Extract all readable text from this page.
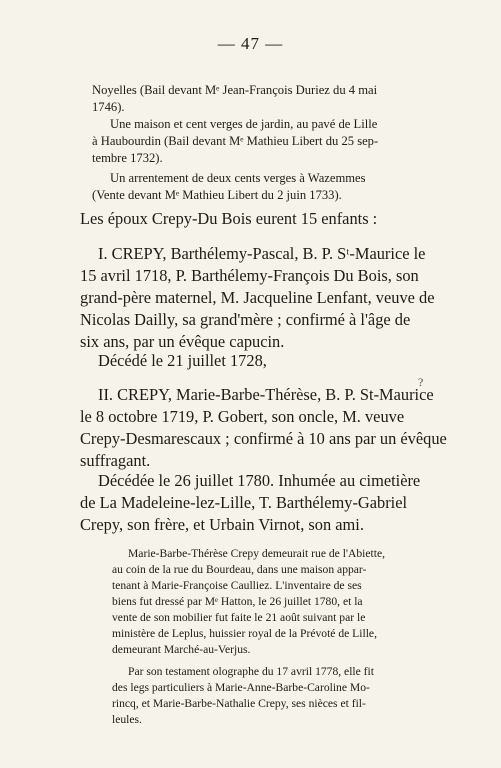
— 47 —
Noyelles (Bail devant Mᵉ Jean-François Duriez du 4 mai
1746).
Une maison et cent verges de jardin, au pavé de Lille
à Haubourdin (Bail devant Mᵉ Mathieu Libert du 25 sep-
tembre 1732).
Un arrentement de deux cents verges à Wazemmes
(Vente devant Mᵉ Mathieu Libert du 2 juin 1733).
Les époux Crepy-Du Bois eurent 15 enfants :
I. CREPY, Barthélemy-Pascal, B. P. Sᵗ-Maurice le
15 avril 1718, P. Barthélemy-François Du Bois, son
grand-père maternel, M. Jacqueline Lenfant, veuve de
Nicolas Dailly, sa grand'mère ; confirmé à l'âge de
six ans, par un évêque capucin.
Décédé le 21 juillet 1728,
II. CREPY, Marie-Barbe-Thérèse, B. P. St-Maurice
le 8 octobre 1719, P. Gobert, son oncle, M. veuve
Crepy-Desmarescaux ; confirmé à 10 ans par un évêque
suffragant.
?
Décédée le 26 juillet 1780. Inhumée au cimetière
de La Madeleine-lez-Lille, T. Barthélemy-Gabriel
Crepy, son frère, et Urbain Virnot, son ami.
Marie-Barbe-Thérèse Crepy demeurait rue de l'Abiette,
au coin de la rue du Bourdeau, dans une maison appar-
tenant à Marie-Françoise Caulliez. L'inventaire de ses
biens fut dressé par Mᵉ Hatton, le 26 juillet 1780, et la
vente de son mobilier fut faite le 21 août suivant par le
ministère de Leplus, huissier royal de la Prévoté de Lille,
demeurant Marché-au-Verjus.
Par son testament olographe du 17 avril 1778, elle fit
des legs particuliers à Marie-Anne-Barbe-Caroline Mo-
rincq, et Marie-Barbe-Nathalie Crepy, ses nièces et fil-
leules.
